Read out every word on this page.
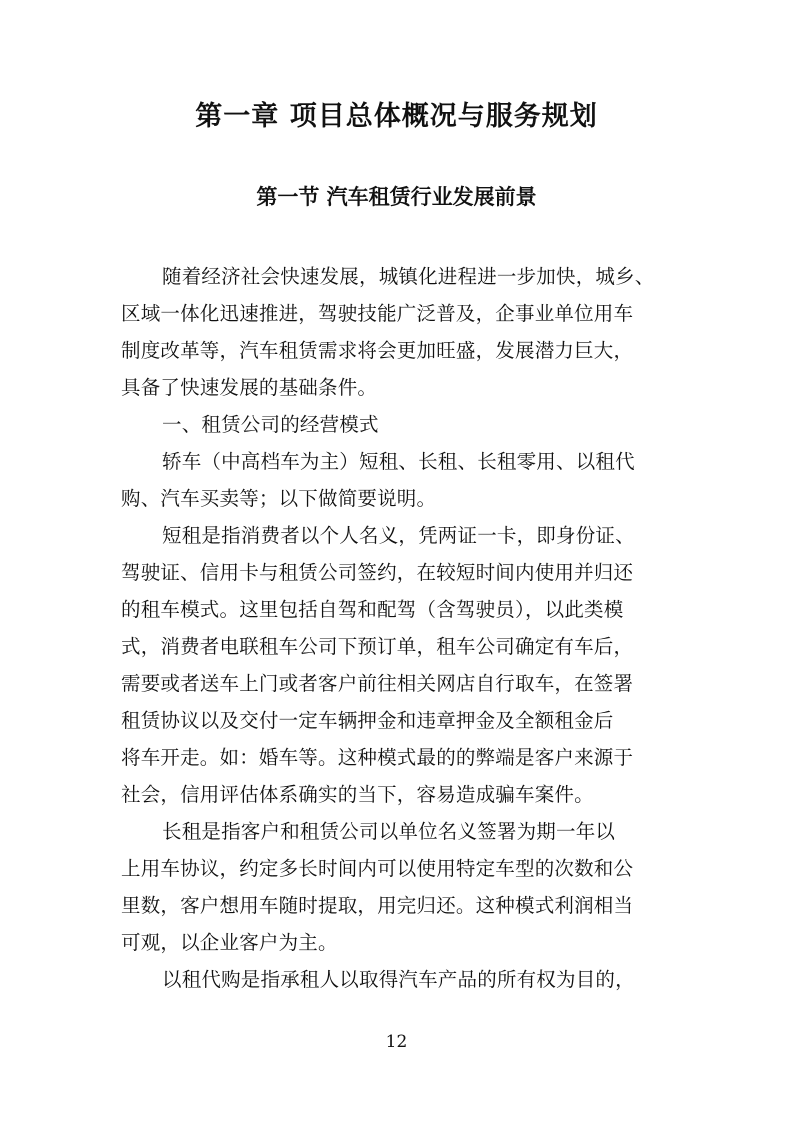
第一章 项目总体概况与服务规划
第一节 汽车租赁行业发展前景
随着经济社会快速发展，城镇化进程进一步加快，城乡、
区域一体化迅速推进，驾驶技能广泛普及，企事业单位用车
制度改革等，汽车租赁需求将会更加旺盛，发展潜力巨大，
具备了快速发展的基础条件。
一、租赁公司的经营模式
轿车（中高档车为主）短租、长租、长租零用、以租代
购、汽车买卖等；以下做简要说明。
短租是指消费者以个人名义，凭两证一卡，即身份证、
驾驶证、信用卡与租赁公司签约，在较短时间内使用并归还
的租车模式。这里包括自驾和配驾（含驾驶员），以此类模
式，消费者电联租车公司下预订单，租车公司确定有车后，
需要或者送车上门或者客户前往相关网店自行取车，在签署
租赁协议以及交付一定车辆押金和违章押金及全额租金后
将车开走。如：婚车等。这种模式最的的弊端是客户来源于
社会，信用评估体系确实的当下，容易造成骗车案件。
长租是指客户和租赁公司以单位名义签署为期一年以
上用车协议，约定多长时间内可以使用特定车型的次数和公
里数，客户想用车随时提取，用完归还。这种模式利润相当
可观，以企业客户为主。
以租代购是指承租人以取得汽车产品的所有权为目的，
12
